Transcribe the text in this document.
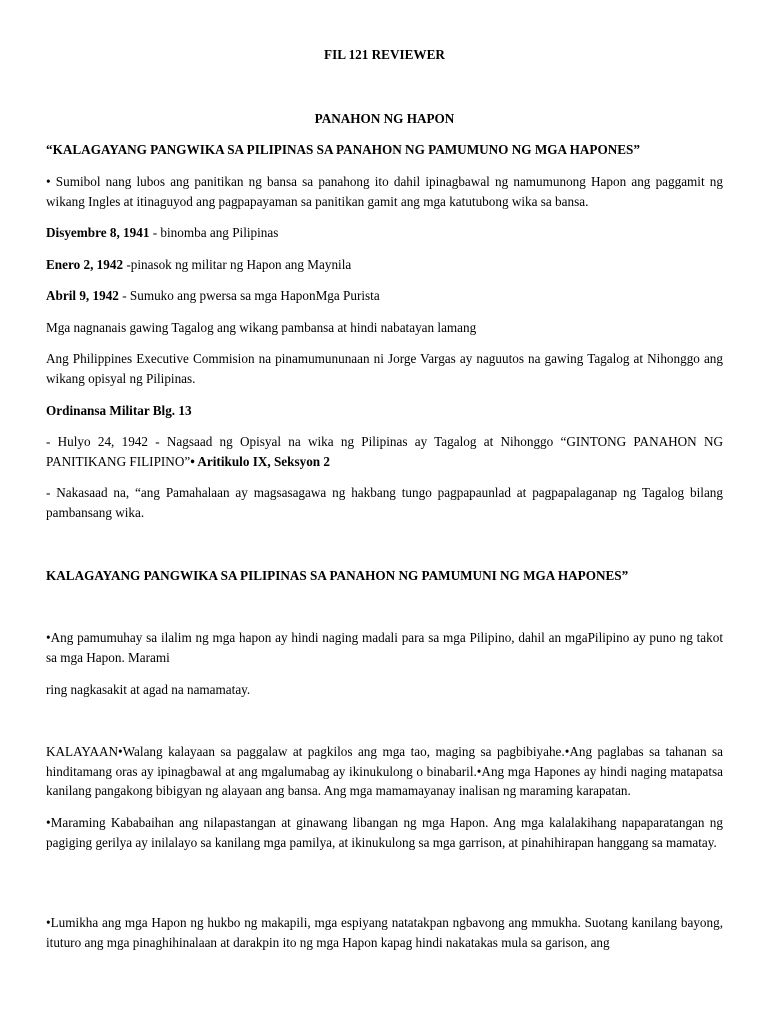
FIL 121 REVIEWER

PANAHON NG HAPON

“KALAGAYANG PANGWIKA SA PILIPINAS SA PANAHON NG PAMUMUNO NG MGA HAPONES”

• Sumibol nang lubos ang panitikan ng bansa sa panahong ito dahil ipinagbawal ng namumunong Hapon ang paggamit ng wikang Ingles at itinaguyod ang pagpapayaman sa panitikan gamit ang mga katutubong wika sa bansa.

Disyembre 8, 1941 - binomba ang Pilipinas

Enero 2, 1942 -pinasok ng militar ng Hapon ang Maynila

Abril 9, 1942 - Sumuko ang pwersa sa mga HaponMga Purista

Mga nagnanais gawing Tagalog ang wikang pambansa at hindi nabatayan lamang

Ang Philippines Executive Commision na pinamumununaan ni Jorge Vargas ay naguutos na gawing Tagalog at Nihonggo ang wikang opisyal ng Pilipinas.

Ordinansa Militar Blg. 13

- Hulyo 24, 1942 - Nagsaad ng Opisyal na wika ng Pilipinas ay Tagalog at Nihonggo “GINTONG PANAHON NG PANITIKANG FILIPINO”• Aritikulo IX, Seksyon 2

- Nakasaad na, “ang Pamahalaan ay magsasagawa ng hakbang tungo pagpapaunlad at pagpapalaganap ng Tagalog bilang pambansang wika.

KALAGAYANG PANGWIKA SA PILIPINAS SA PANAHON NG PAMUMUNI NG MGA HAPONES”

•Ang pamumuhay sa ilalim ng mga hapon ay hindi naging madali para sa mga Pilipino, dahil an mgaPilipino ay puno ng takot sa mga Hapon. Marami

ring nagkasakit at agad na namamatay.

KALAYAAN•Walang kalayaan sa paggalaw at pagkilos ang mga tao, maging sa pagbibiyahe.•Ang paglabas sa tahanan sa hinditamang oras ay ipinagbawal at ang mgalumabag ay ikinukulong o binabaril.•Ang mga Hapones ay hindi naging matapatsa kanilang pangakong bibigyan ng alayaan ang bansa. Ang mga mamamayanay inalisan ng maraming karapatan.

•Maraming Kababaihan ang nilapastangan at ginawang libangan ng mga Hapon. Ang mga kalalakihang napaparatangan ng pagiging gerilya ay inilalayo sa kanilang mga pamilya, at ikinukulong sa mga garrison, at pinahihirapan hanggang sa mamatay.

•Lumikha ang mga Hapon ng hukbo ng makapili, mga espiyang natatakpan ngbavong ang mmukha. Suotang kanilang bayong, ituturo ang mga pinaghihinalaan at darakpin ito ng mga Hapon kapag hindi nakatakas mula sa garison, ang
